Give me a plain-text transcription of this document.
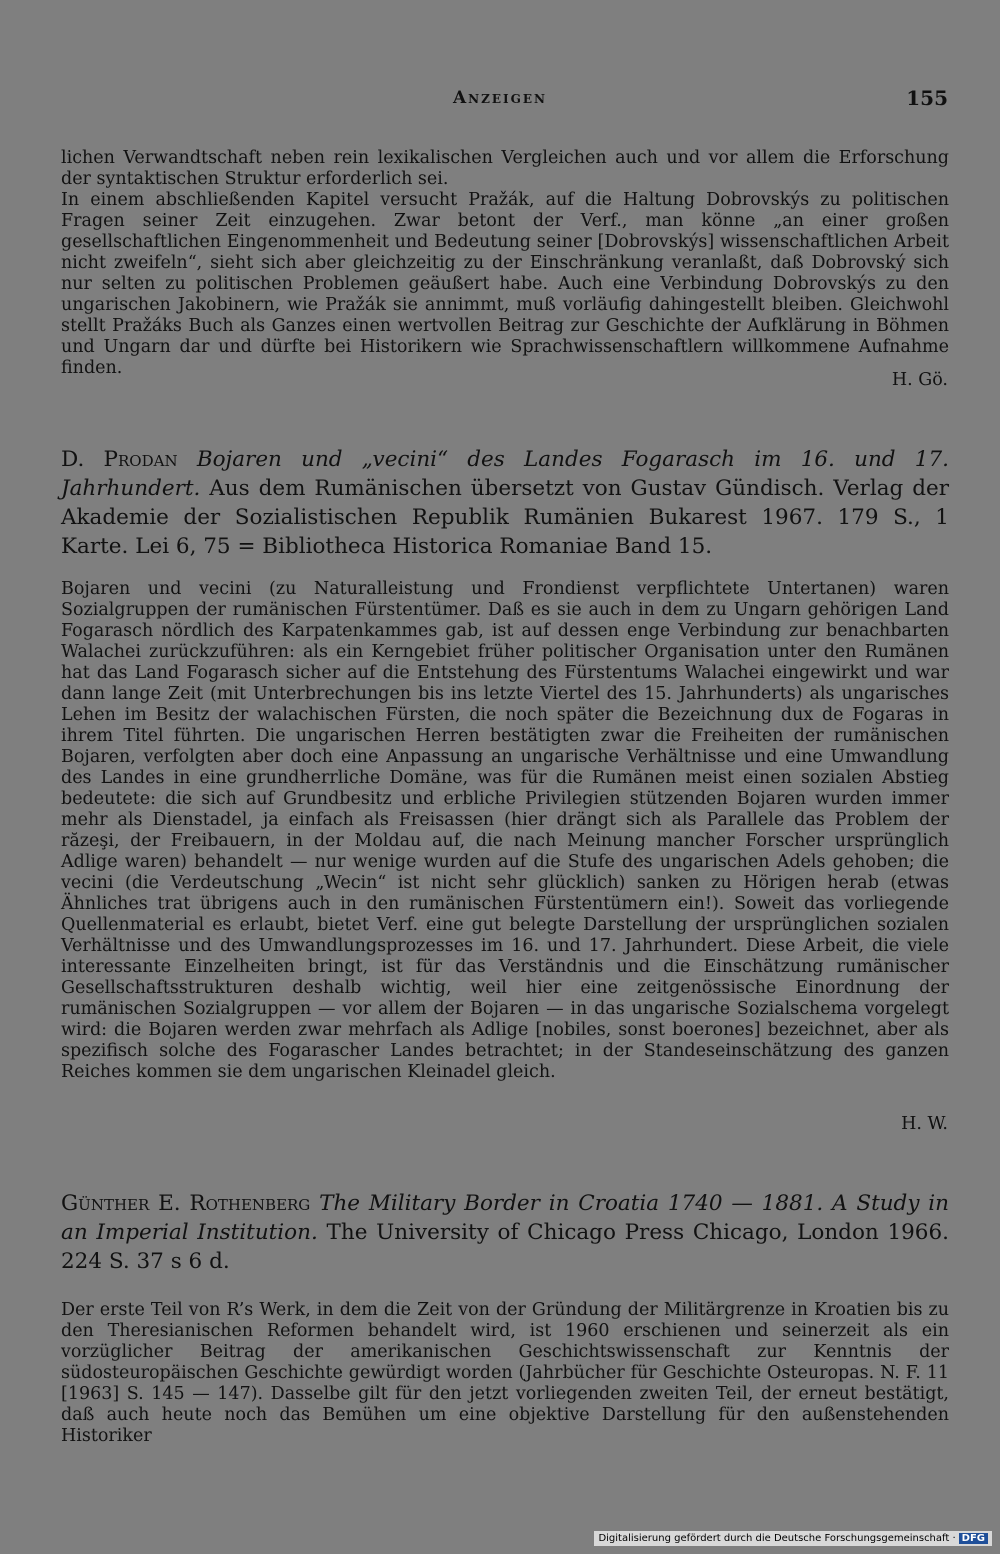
Anzeigen	155

lichen Verwandtschaft neben rein lexikalischen Vergleichen auch und vor allem die Erforschung der syntaktischen Struktur erforderlich sei.

In einem abschließenden Kapitel versucht Pražák, auf die Haltung Dobrovskýs zu politischen Fragen seiner Zeit einzugehen. Zwar betont der Verf., man könne „an einer großen gesellschaftlichen Eingenommenheit und Bedeutung seiner [Dobrovskýs] wissenschaftlichen Arbeit nicht zweifeln“, sieht sich aber gleichzeitig zu der Einschränkung veranlaßt, daß Dobrovský sich nur selten zu politischen Problemen geäußert habe. Auch eine Verbindung Dobrovskýs zu den ungarischen Jakobinern, wie Pražák sie annimmt, muß vorläufig dahingestellt bleiben. Gleichwohl stellt Pražáks Buch als Ganzes einen wertvollen Beitrag zur Geschichte der Aufklärung in Böhmen und Ungarn dar und dürfte bei Historikern wie Sprachwissenschaftlern willkommene Aufnahme finden.

H. Gö.
D. Prodan Bojaren und „vecini“ des Landes Fogarasch im 16. und 17. Jahrhundert. Aus dem Rumänischen übersetzt von Gustav Gündisch. Verlag der Akademie der Sozialistischen Republik Rumänien Bukarest 1967. 179 S., 1 Karte. Lei 6, 75 = Bibliotheca Historica Romaniae Band 15.
Bojaren und vecini (zu Naturalleistung und Frondienst verpflichtete Untertanen) waren Sozialgruppen der rumänischen Fürstentümer. Daß es sie auch in dem zu Ungarn gehörigen Land Fogarasch nördlich des Karpatenkammes gab, ist auf dessen enge Verbindung zur benachbarten Walachei zurückzuführen: als ein Kerngebiet früher politischer Organisation unter den Rumänen hat das Land Fogarasch sicher auf die Entstehung des Fürstentums Walachei eingewirkt und war dann lange Zeit (mit Unterbrechungen bis ins letzte Viertel des 15. Jahrhunderts) als ungarisches Lehen im Besitz der walachischen Fürsten, die noch später die Bezeichnung dux de Fogaras in ihrem Titel führten. Die ungarischen Herren bestätigten zwar die Freiheiten der rumänischen Bojaren, verfolgten aber doch eine Anpassung an ungarische Verhältnisse und eine Umwandlung des Landes in eine grundherrliche Domäne, was für die Rumänen meist einen sozialen Abstieg bedeutete: die sich auf Grundbesitz und erbliche Privilegien stützenden Bojaren wurden immer mehr als Dienstadel, ja einfach als Freisassen (hier drängt sich als Parallele das Problem der răzeşi, der Freibauern, in der Moldau auf, die nach Meinung mancher Forscher ursprünglich Adlige waren) behandelt — nur wenige wurden auf die Stufe des ungarischen Adels gehoben; die vecini (die Verdeutschung „Wecin“ ist nicht sehr glücklich) sanken zu Hörigen herab (etwas Ähnliches trat übrigens auch in den rumänischen Fürstentümern ein!). Soweit das vorliegende Quellenmaterial es erlaubt, bietet Verf. eine gut belegte Darstellung der ursprünglichen sozialen Verhältnisse und des Umwandlungsprozesses im 16. und 17. Jahrhundert. Diese Arbeit, die viele interessante Einzelheiten bringt, ist für das Verständnis und die Einschätzung rumänischer Gesellschaftsstrukturen deshalb wichtig, weil hier eine zeitgenössische Einordnung der rumänischen Sozialgruppen — vor allem der Bojaren — in das ungarische Sozialschema vorgelegt wird: die Bojaren werden zwar mehrfach als Adlige [nobiles, sonst boerones] bezeichnet, aber als spezifisch solche des Fogarascher Landes betrachtet; in der Standeseinschätzung des ganzen Reiches kommen sie dem ungarischen Kleinadel gleich.
H. W.
Günther E. Rothenberg The Military Border in Croatia 1740 — 1881. A Study in an Imperial Institution. The University of Chicago Press Chicago, London 1966. 224 S. 37 s 6 d.
Der erste Teil von R’s Werk, in dem die Zeit von der Gründung der Militärgrenze in Kroatien bis zu den Theresianischen Reformen behandelt wird, ist 1960 erschienen und seinerzeit als ein vorzüglicher Beitrag der amerikanischen Geschichtswissenschaft zur Kenntnis der südosteuropäischen Geschichte gewürdigt worden (Jahrbücher für Geschichte Osteuropas. N. F. 11 [1963] S. 145 — 147). Dasselbe gilt für den jetzt vorliegenden zweiten Teil, der erneut bestätigt, daß auch heute noch das Bemühen um eine objektive Darstellung für den außenstehenden Historiker
Digitalisierung gefördert durch die Deutsche Forschungsgemeinschaft · DFG
